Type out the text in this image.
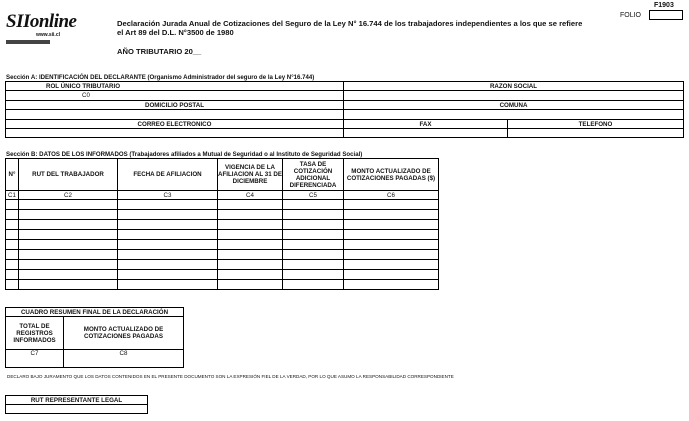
SIIonline
www.sii.cl
Declaración Jurada Anual de Cotizaciones del Seguro de la Ley N° 16.744 de los trabajadores independientes a los que se refiere
el Art 89 del D.L. N°3500 de 1980
AÑO TRIBUTARIO 20__
F1903
FOLIO
Sección A: IDENTIFICACIÓN DEL DECLARANTE (Organismo Administrador del seguro de la Ley N°16.744)
ROL ÚNICO TRIBUTARIO	RAZON SOCIAL	
C0		
DOMICILIO POSTAL	COMUNA	

CORREO ELECTRONICO	FAX	TELEFONO

Sección B: DATOS DE LOS INFORMADOS (Trabajadores afiliados a Mutual de Seguridad o al Instituto de Seguridad Social)
N°	RUT DEL TRABAJADOR	FECHA DE AFILIACION	VIGENCIA DE LA AFILIACION AL 31 DE DICIEMBRE	TASA DE COTIZACIÓN ADICIONAL DIFERENCIADA	MONTO ACTUALIZADO DE COTIZACIONES PAGADAS ($)
C1	C2	C3	C4	C5	C6

CUADRO RESUMEN FINAL DE LA DECLARACIÓN	
TOTAL DE REGISTROS INFORMADOS	MONTO ACTUALIZADO DE COTIZACIONES PAGADAS
C7	C8

DECLARO BAJO JURAMENTO QUE LOS DATOS CONTENIDOS EN EL PRESENTE DOCUMENTO SON LA EXPRESIÓN FIEL DE LA VERDAD, POR LO QUE ASUMO LA RESPONSABILIDAD CORRESPONDIENTE
RUT REPRESENTANTE LEGAL
